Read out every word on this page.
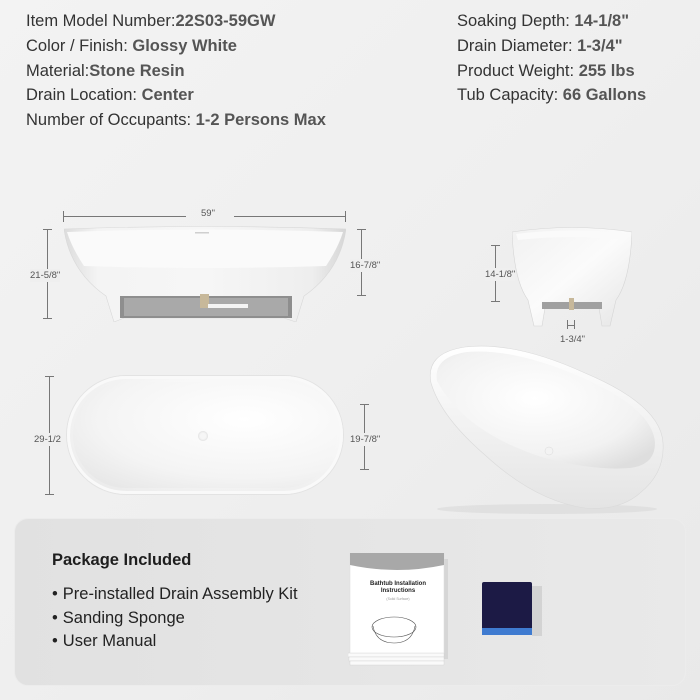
Item Model Number:22S03-59GW
Color / Finish: Glossy White
Material:Stone Resin
Drain Location: Center
Number of Occupants: 1-2 Persons Max
Soaking Depth: 14-1/8"
Drain Diameter: 1-3/4"
Product Weight: 255 lbs
Tub Capacity: 66 Gallons
59"
21-5/8"
16-7/8"
14-1/8"
1-3/4"
29-1/2	19-7/8"
Package Included
• Pre-installed Drain Assembly Kit
• Sanding Sponge
• User Manual
Bathtub Installation Instructions
(Solid Surface)
